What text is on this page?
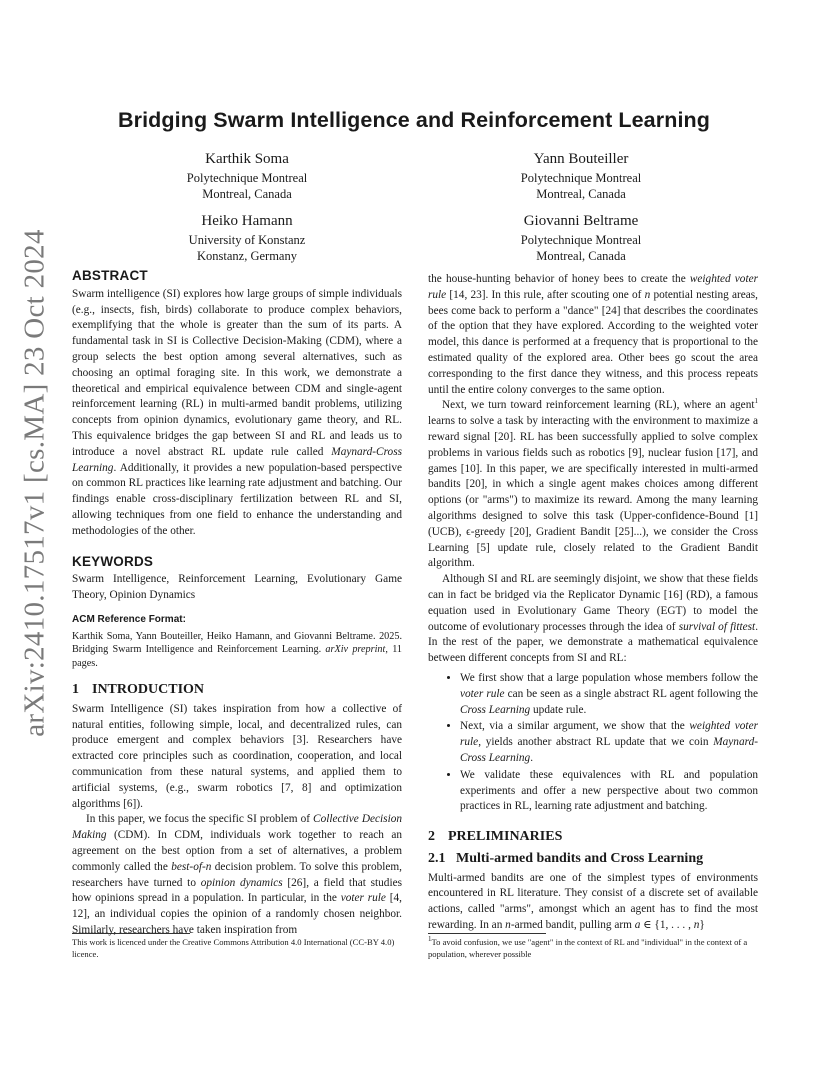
arXiv:2410.17517v1 [cs.MA] 23 Oct 2024
Bridging Swarm Intelligence and Reinforcement Learning
Karthik Soma
Polytechnique Montreal
Montreal, Canada
Yann Bouteiller
Polytechnique Montreal
Montreal, Canada
Heiko Hamann
University of Konstanz
Konstanz, Germany
Giovanni Beltrame
Polytechnique Montreal
Montreal, Canada
ABSTRACT

Swarm intelligence (SI) explores how large groups of simple individuals (e.g., insects, fish, birds) collaborate to produce complex behaviors, exemplifying that the whole is greater than the sum of its parts. A fundamental task in SI is Collective Decision-Making (CDM), where a group selects the best option among several alternatives, such as choosing an optimal foraging site. In this work, we demonstrate a theoretical and empirical equivalence between CDM and single-agent reinforcement learning (RL) in multi-armed bandit problems, utilizing concepts from opinion dynamics, evolutionary game theory, and RL. This equivalence bridges the gap between SI and RL and leads us to introduce a novel abstract RL update rule called Maynard-Cross Learning. Additionally, it provides a new population-based perspective on common RL practices like learning rate adjustment and batching. Our findings enable cross-disciplinary fertilization between RL and SI, allowing techniques from one field to enhance the understanding and methodologies of the other.

KEYWORDS

Swarm Intelligence, Reinforcement Learning, Evolutionary Game Theory, Opinion Dynamics

ACM Reference Format:

Karthik Soma, Yann Bouteiller, Heiko Hamann, and Giovanni Beltrame. 2025. Bridging Swarm Intelligence and Reinforcement Learning. arXiv preprint, 11 pages.

1 INTRODUCTION

Swarm Intelligence (SI) takes inspiration from how a collective of natural entities, following simple, local, and decentralized rules, can produce emergent and complex behaviors [3]. Researchers have extracted core principles such as coordination, cooperation, and local communication from these natural systems, and applied them to artificial systems, (e.g., swarm robotics [7, 8] and optimization algorithms [6]).

In this paper, we focus the specific SI problem of Collective Decision Making (CDM). In CDM, individuals work together to reach an agreement on the best option from a set of alternatives, a problem commonly called the best-of-n decision problem. To solve this problem, researchers have turned to opinion dynamics [26], a field that studies how opinions spread in a population. In particular, in the voter rule [4, 12], an individual copies the opinion of a randomly chosen neighbor. Similarly, researchers have taken inspiration from

the house-hunting behavior of honey bees to create the weighted voter rule [14, 23]. In this rule, after scouting one of n potential nesting areas, bees come back to perform a "dance" [24] that describes the coordinates of the option that they have explored. According to the weighted voter model, this dance is performed at a frequency that is proportional to the estimated quality of the explored area. Other bees go scout the area corresponding to the first dance they witness, and this process repeats until the entire colony converges to the same option.

Next, we turn toward reinforcement learning (RL), where an agent$^1$ learns to solve a task by interacting with the environment to maximize a reward signal [20]. RL has been successfully applied to solve complex problems in various fields such as robotics [9], nuclear fusion [17], and games [10]. In this paper, we are specifically interested in multi-armed bandits [20], in which a single agent makes choices among different options (or "arms") to maximize its reward. Among the many learning algorithms designed to solve this task (Upper-confidence-Bound [1] (UCB), ϵ-greedy [20], Gradient Bandit [25]...), we consider the Cross Learning [5] update rule, closely related to the Gradient Bandit algorithm.

Although SI and RL are seemingly disjoint, we show that these fields can in fact be bridged via the Replicator Dynamic [16] (RD), a famous equation used in Evolutionary Game Theory (EGT) to model the outcome of evolutionary processes through the idea of survival of fittest. In the rest of the paper, we demonstrate a mathematical equivalence between different concepts from SI and RL:

• We first show that a large population whose members follow the voter rule can be seen as a single abstract RL agent following the Cross Learning update rule.
• Next, via a similar argument, we show that the weighted voter rule, yields another abstract RL update that we coin Maynard-Cross Learning.
• We validate these equivalences with RL and population experiments and offer a new perspective about two common practices in RL, learning rate adjustment and batching.
2 PRELIMINARIES
2.1 Multi-armed bandits and Cross Learning

Multi-armed bandits are one of the simplest types of environments encountered in RL literature. They consist of a discrete set of available actions, called "arms", amongst which an agent has to find the most rewarding. In an n-armed bandit, pulling arm a ∈ {1, . . . , n}

This work is licenced under the Creative Commons Attribution 4.0 International (CC-BY 4.0) licence.
$^1$To avoid confusion, we use "agent" in the context of RL and "individual" in the context of a population, wherever possible
